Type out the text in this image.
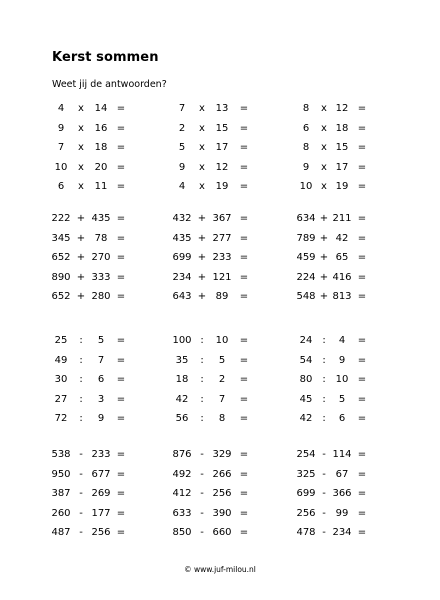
Kerst sommen
Weet jij de antwoorden?
4	x	14 =	7	x	13	=	8	x 12 =
9	x	16 =	2	x	15	=	6	x 18 =
7	x	18 =	5	x	17	=	8	x 15 =
10	x	20 =	9	x	12	=	9	x 17 =
6	x	11 =	4	x	19	=	10 x 19 =
222 + 435 =	432 + 367 =	634 + 211 =
345 + 78 =	435 + 277 =	789 + 42 =
652 + 270 =	699 + 233 =	459 + 65 =
890 + 333 =	234 + 121 =	224 + 416 =
652 + 280 =	643 + 89	=	548 + 813 =
25	:	5	=	100 :	10	=	24 :	4	=
49	:	7	=	35	:	5	=	54 :	9	=
30	:	6	=	18	:	2	=	80 : 10 =
27	:	3	=	42	:	7	=	45 :	5	=
72	:	9	=	56	:	8	=	42 :	6	=
538 - 233 =	876 - 329 =	254 - 114 =
950 - 677 =	492 - 266 =	325 - 67 =
387 - 269 =	412 - 256 =	699 - 366 =
260 - 177 =	633 - 390 =	256 - 99 =
487 - 256 =	850 - 660 =	478 - 234 =
© www.juf-milou.nl
